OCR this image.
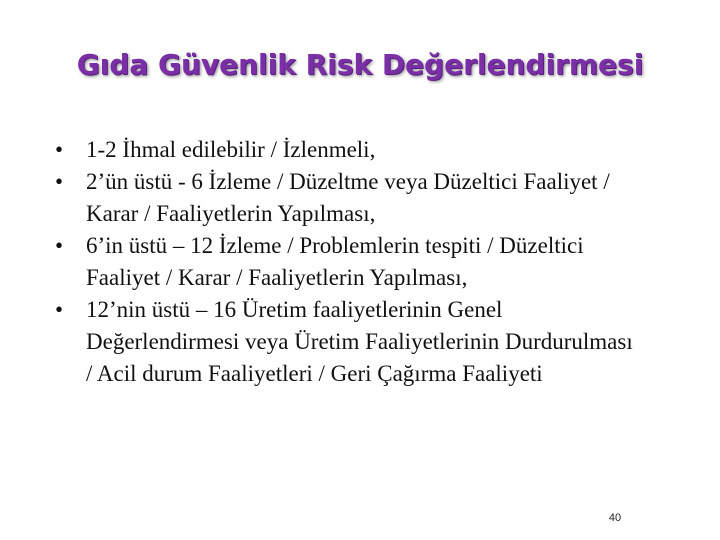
Gıda Güvenlik Risk Değerlendirmesi
• 1-2 İhmal edilebilir / İzlenmeli,
• 2’ün üstü - 6 İzleme / Düzeltme veya Düzeltici Faaliyet / Karar / Faaliyetlerin Yapılması,
• 6’in üstü – 12 İzleme / Problemlerin tespiti / Düzeltici Faaliyet / Karar / Faaliyetlerin Yapılması,
• 12’nin üstü – 16 Üretim faaliyetlerinin Genel Değerlendirmesi veya Üretim Faaliyetlerinin Durdurulması / Acil durum Faaliyetleri / Geri Çağırma Faaliyeti
40
